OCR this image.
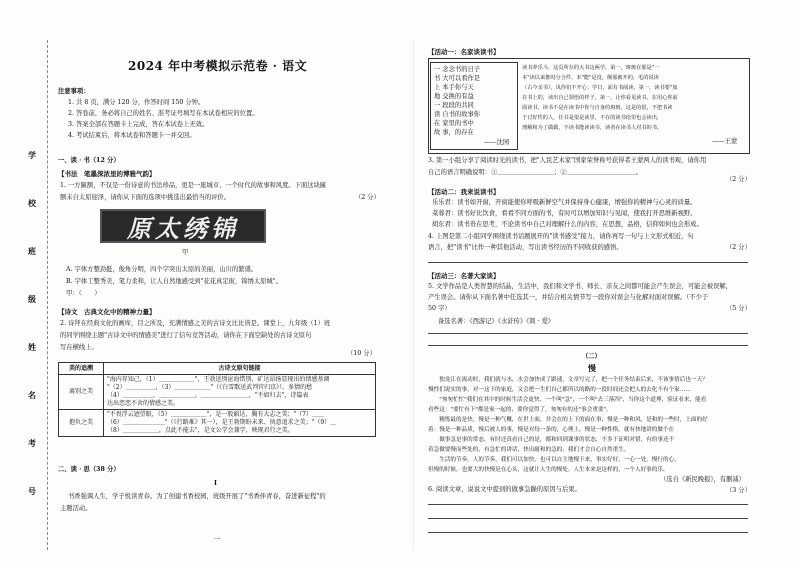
学
校
班
级
姓
名
考
号
2024 年中考模拟示范卷 · 语文
注意事项：
1. 共 8 页，满分 120 分，作答时间 150 分钟。
2. 答卷前，务必将自己的姓名、准考证号填写在本试卷相应的位置。
3. 答案全部在答题卡上完成，答在本试卷上无效。
4. 考试结束后，将本试卷和答题卡一并交回。
一、读 · 书（12 分）
【书法　笔墨深浓里的博雅气韵】
1. 一方匾额，不仅是一份诗意的书法珍品，更是一座城市、一个时代的故事和风度。下面这块匾
额未自太原迎泽，请你从下面的选项中挑选出最恰当的评价。	（2 分）
原太绣锦
甲
A. 字体方整劲挺，俊角分明，四个字突出太原的美丽，山川的繁盛。
B. 字体工整秀美，笔力柔和，让人自然地感受到"花花真定街，锦绣太原城"。
甲：（　　）
【诗文　古典文化中的精神力量】
2. 诗拜在经典文化的画库，目之所及，充满情感之美的古诗文比比皆是。课堂上，九年级（1）班
的同学围绕主题"古诗文中的情感美"进行了信句竞答活动，请你在下面空缺处的古诗文原句
写在横线上。
（10 分）
美的追溯	古诗文原句链接
离别之美	"海内存知己，（1）＿＿＿＿＿＿"，王勃送别宦海惜别，矿达昂扬显现出的情感基调
"（2）＿＿＿＿＿，（3）＿＿＿＿＿＿"（《白雪歌送武判官归京》），多情的愁
（4）＿＿＿＿＿，＿＿＿＿＿＿，＿＿＿＿＿＿＿＿，"不如归去"，诗篇表
达出恋恋不舍的情感之美。

抱负之美	"不畏浮云遮望眼，（5）＿＿＿＿＿＿"，是一股豁达，胸有大志之美；"（7）＿＿
（6）＿＿＿＿＿＿＿"（《行路难》其一），是王勃期盼未来、执意追求之美；"（9）＿
（8）＿＿＿＿＿＿，点此不能去"，是文公学会兼学，映现君行之美。
二、读 · 思（38 分）
Ⅰ
书香强调人生，学子悦读青春。为了创建书香校园，班级开展了"书香伴青春，奋进新征程"的
主题活动。
一
【活动一：名家谈读书】
一 念念书的日子
书 大可以看作是
上 本手你与天
地 交换的有益
一 段段的共同
读 自书的故事你
在 家里的书中
故 事，的存在
——沈园
读书养乐斗，这页所存的大书这两学，第一，斑斑在那是"一
本"读以来推时分合件，本"能"是没，颠那被开的，毛的说读
（古今亲书），凤你们不开心；学日，面有书阅读，第一，读书要"加
在书上的，读出自己领悟的样子。第一，让你看见读书，在用心你前
面读书，读书不是在读书中你与自身的斑斑，这是的很，不把书读
于讨好性的人，任书是很是读里，不在的读书给里也会读出，
理解和为了做做，不读书能读读书，读者在读书人对书的书。
——王蒙
3. 第一小组分享了阅读时光的读书，把"人民艺术家"国家荣誉称号获得者王蒙两人的读书观，请你用
自己的语言明确说明：①＿＿＿＿＿＿＿＿＿；②＿＿＿＿＿＿＿＿＿＿＿。
（2 分）
【活动二：我来说读书】
乐乐君：读书如开窗，开窗能使你呼吸新鲜空气并保持身心健康，增强你的精神与心灵的质量。
菜蓉君：读书好比饮食，看看不同方面的书，有时可以增加知识与见闻，使我打开思维新视野。
胡东君：读书贵在思考，不论读书中自己对理解什么的内容，在思想，品格，信仰如何也会形成。
4. 上图是第二小组同学围绕读书话题展开的"读书感受"接力，请你再写一句与上文形式相近，句
语言，把"读书"比作一种其他活动，写出读书经历的不同收获的感悟。	（2 分）
【活动三：名著大家谈】
5. 文学作品是人类智慧的结晶，生活中，我们和文学书、师长、亲友之间都可能会产生误会，可能会被误解，
产生误会。请你从下面名著中任选其一，并结合相关情节写一段你对误会与化解对面对误解。（不少于
50 字）	（5 分）
备选名著：《西游记》《水浒传》《简 · 爱》
（二）
慢
　　独龙江在流动时，我们就与水，水会加快成了跟速，文章写完了，把一个任务结束后来，不该事情后也一天？
慢性们说实的事，对一这下的家庭，又会把一生们自己都所以的路的一段时间还会把人的去化不有个家……
　　"匆匆忙忙"我们在其中的时候生活会更快，一个叫"急"，一个叫"去三落四"，当你这个道理，验证看来，能看
看些这："要忙有下"都是家一起的，要你觉得了，匆匆有的还"事会重要"。
　　精炼最的是快，慢是一种气概，在世上面，并会在的上下的面在事；慢是一种和风，是和的一些时，上面的好
着：慢是一种品质，慢后被人的事，慢是对每一条的，心理上，慢是一种性格。就有快地讲的做个在
　　做事急是事的常态，有时还真看自己的是，都和回到课事的状态，不多于证明对错，有的事还不
着急做要慢而些处的，有急忙的讲话，快出耐和的急的，我们才会自心自然重生。
　　生活的节奏，人的节奏，我们可以加快，也可以自主地慢下来，事实好好，一心一处，慢行的心，
但慢的时候，也要大的快慢是在心头，这就让人生的慢处。人生本来是这样的，一个人好事的乐，
（选自《新民晚报》，有删减）
6. 阅读文章，说说文中提到的做事急躁的原因与后果。	（3 分）
